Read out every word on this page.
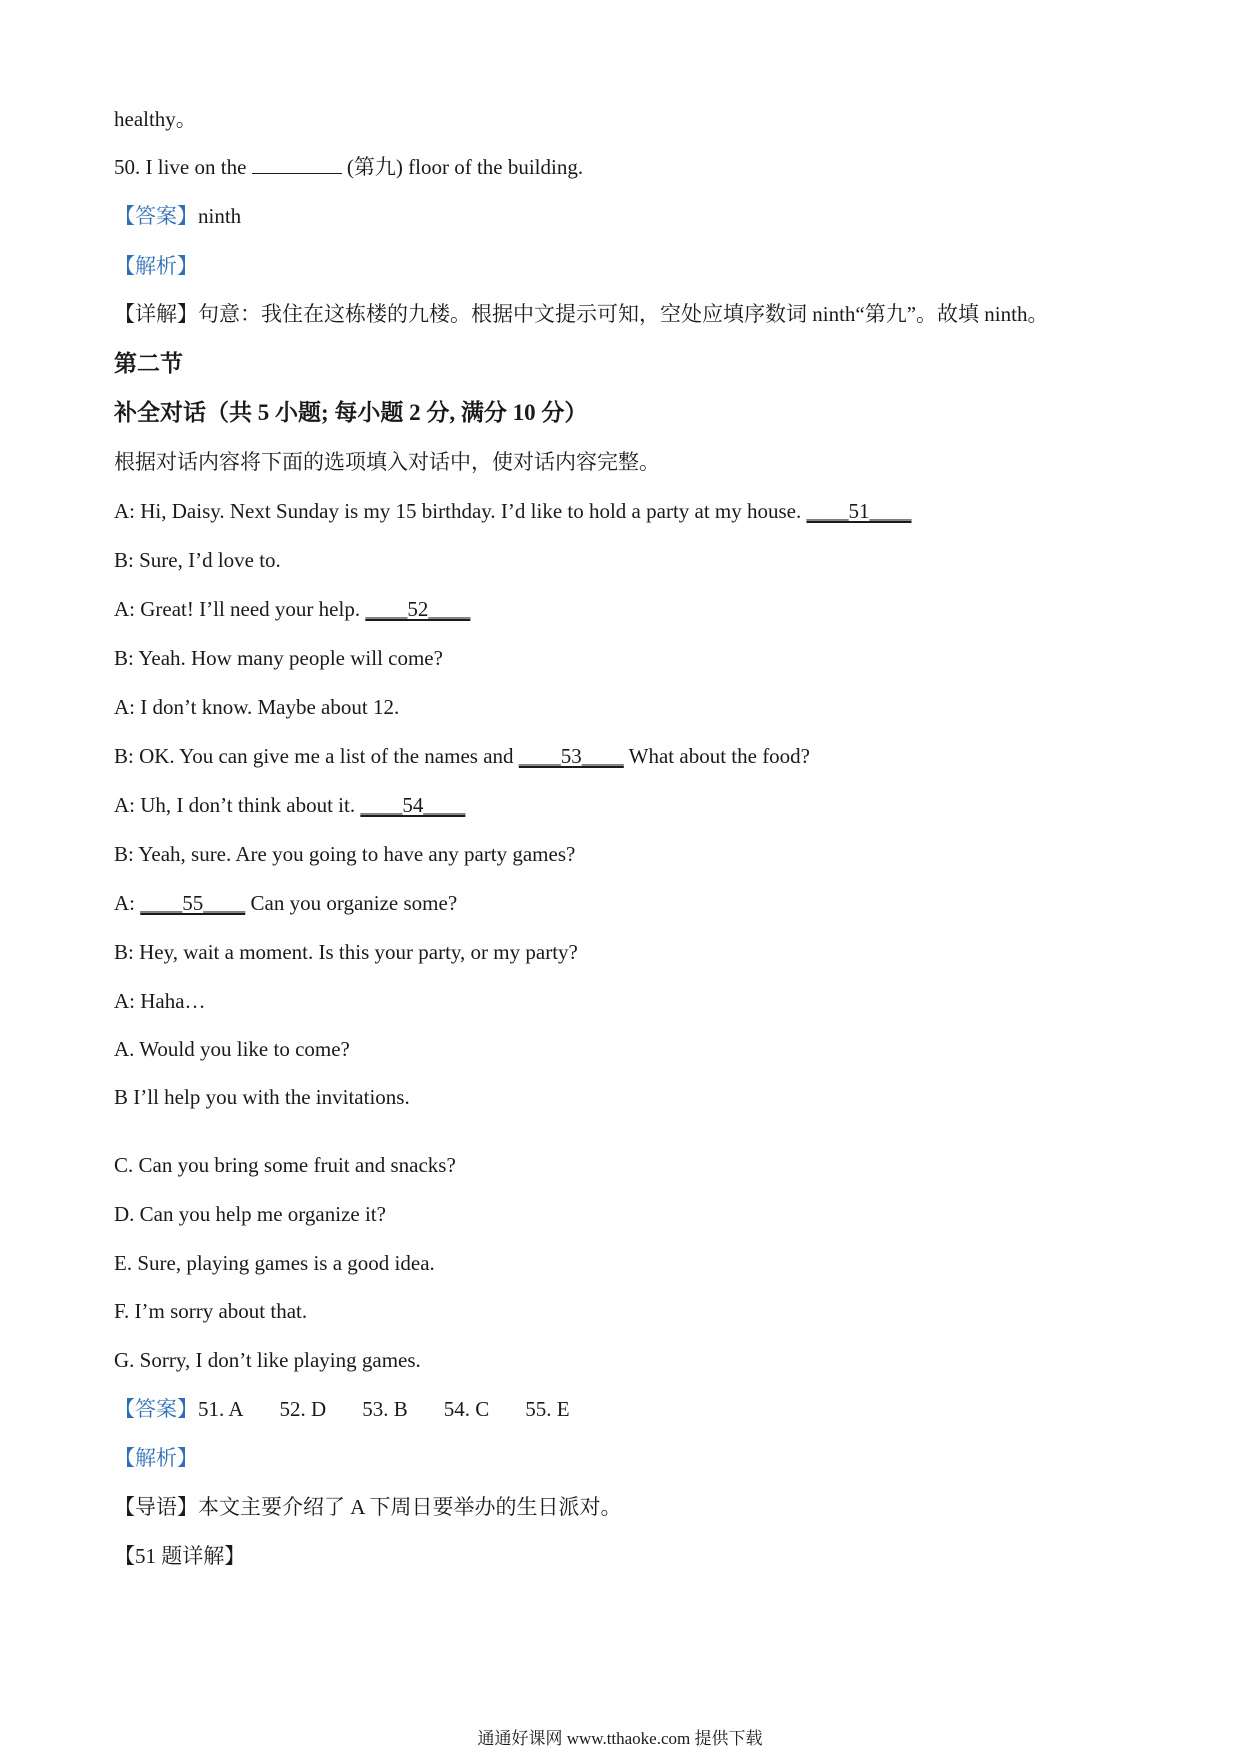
healthy。
50. I live on the	(第九) floor of the building.
【答案】ninth
【解析】
【详解】句意：我住在这栋楼的九楼。根据中文提示可知，空处应填序数词 ninth“第九”。故填 ninth。
第二节
补全对话（共 5 小题; 每小题 2 分, 满分 10 分）
根据对话内容将下面的选项填入对话中，使对话内容完整。
A: Hi, Daisy. Next Sunday is my 15 birthday. I’d like to hold a party at my house. ____51____
B: Sure, I’d love to.
A: Great! I’ll need your help. ____52____
B: Yeah. How many people will come?
A: I don’t know. Maybe about 12.
B: OK. You can give me a list of the names and ____53____ What about the food?
A: Uh, I don’t think about it. ____54____
B: Yeah, sure. Are you going to have any party games?
A: ____55____ Can you organize some?
B: Hey, wait a moment. Is this your party, or my party?
A: Haha…
A. Would you like to come?
B I’ll help you with the invitations.
C. Can you bring some fruit and snacks?
D. Can you help me organize it?
E. Sure, playing games is a good idea.
F. I’m sorry about that.
G. Sorry, I don’t like playing games.
【答案】51. A 52. D 53. B 54. C 55. E
【解析】
【导语】本文主要介绍了 A 下周日要举办的生日派对。
【51 题详解】
通通好课网 www.tthaoke.com 提供下载
